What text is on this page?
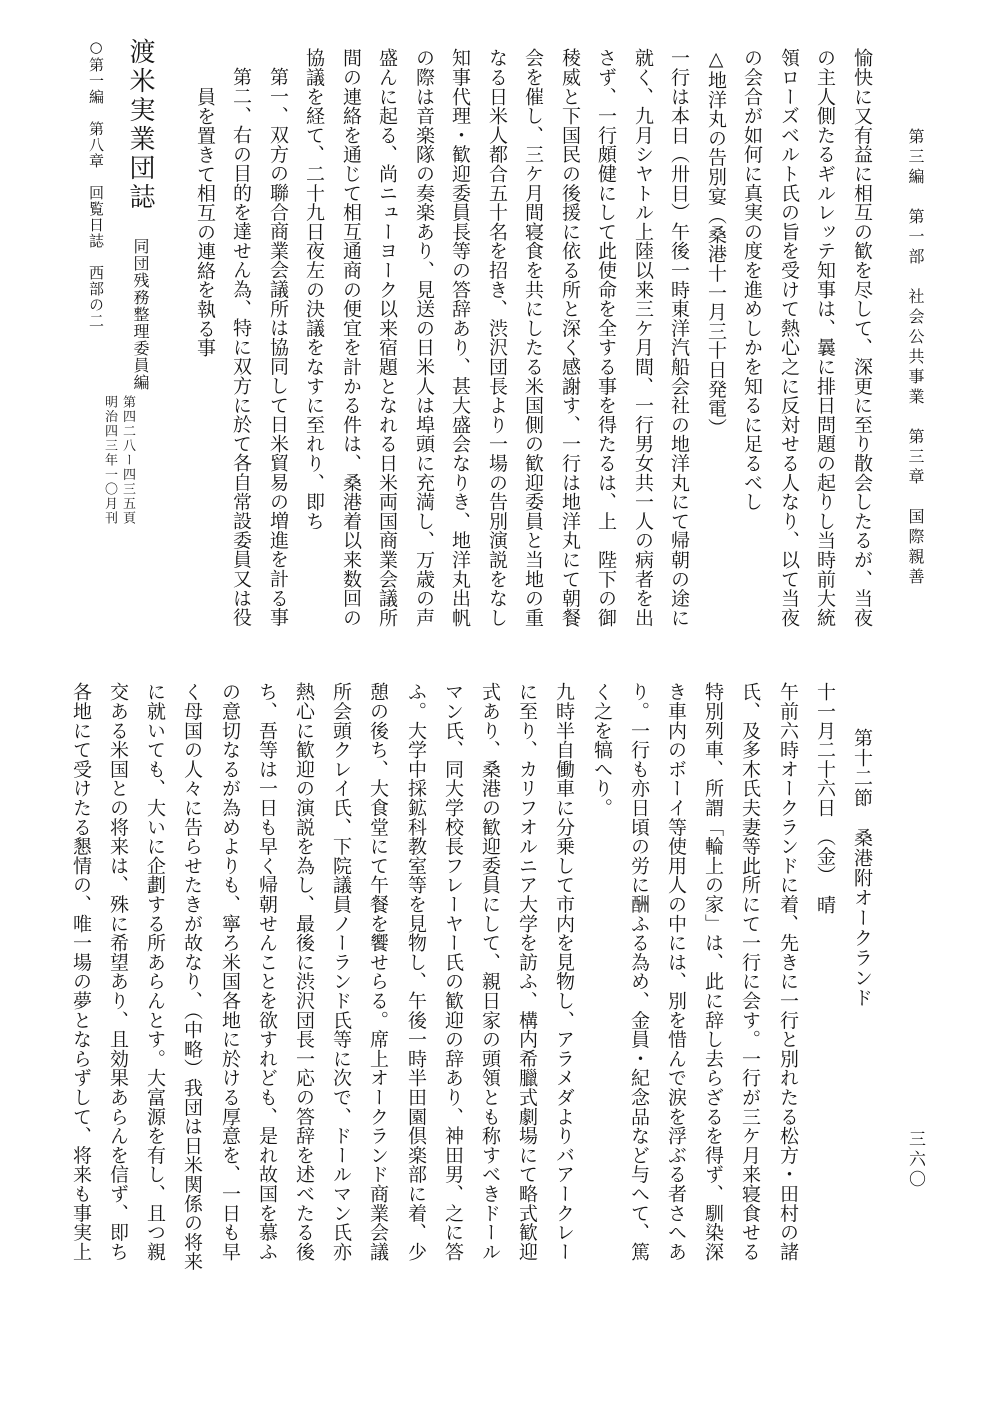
第三編　第一部　社会公共事業　第三章　国際親善
三六〇
愉快に又有益に相互の歓を尽して、深更に至り散会したるが、当夜
の主人側たるギルレッテ知事は、曩に排日問題の起りし当時前大統
領ローズベルト氏の旨を受けて熱心之に反対せる人なり、以て当夜
の会合が如何に真実の度を進めしかを知るに足るべし
△地洋丸の告別宴（桑港十一月三十日発電）
一行は本日（卅日）午後一時東洋汽船会社の地洋丸にて帰朝の途に
就く、九月シヤトル上陸以来三ケ月間、一行男女共一人の病者を出
さず、一行頗健にして此使命を全する事を得たるは、上　陛下の御
稜威と下国民の後援に依る所と深く感謝す、一行は地洋丸にて朝餐
会を催し、三ケ月間寝食を共にしたる米国側の歓迎委員と当地の重
なる日米人都合五十名を招き、渋沢団長より一場の告別演説をなし
知事代理・歓迎委員長等の答辞あり、甚大盛会なりき、地洋丸出帆
の際は音楽隊の奏楽あり、見送の日米人は埠頭に充満し、万歳の声
盛んに起る、尚ニューヨーク以来宿題となれる日米両国商業会議所
間の連絡を通じて相互通商の便宜を計かる件は、桑港着以来数回の
協議を経て、二十九日夜左の決議をなすに至れり、即ち
第一、双方の聯合商業会議所は協同して日米貿易の増進を計る事
第二、右の目的を達せん為、特に双方に於て各自常設委員又は役
員を置きて相互の連絡を執る事
渡米実業団誌
同団残務整理委員編
第四二八ー四三五頁
明治四三年一〇月刊
○第一編　第八章　回覧日誌　西部の二
第十二節　桑港附オークランド
十一月二十六日　（金）　晴
午前六時オークランドに着、先きに一行と別れたる松方・田村の諸
氏、及多木氏夫妻等此所にて一行に会す。一行が三ケ月来寝食せる
特別列車、所謂「輪上の家」は、此に辞し去らざるを得ず、馴染深
き車内のボーイ等使用人の中には、別を惜んで涙を浮ぶる者さへあ
り。一行も亦日頃の労に酬ふる為め、金員・紀念品など与へて、篤
く之を犒へり。
九時半自働車に分乗して市内を見物し、アラメダよりバアークレー
に至り、カリフオルニア大学を訪ふ、構内希臘式劇場にて略式歓迎
式あり、桑港の歓迎委員にして、親日家の頭領とも称すべきドール
マン氏、同大学校長フレーヤー氏の歓迎の辞あり、神田男、之に答
ふ。大学中採鉱科教室等を見物し、午後一時半田園倶楽部に着、少
憩の後ち、大食堂にて午餐を饗せらる。席上オークランド商業会議
所会頭クレイ氏、下院議員ノーランド氏等に次で、ドールマン氏亦
熱心に歓迎の演説を為し、最後に渋沢団長一応の答辞を述べたる後
ち、吾等は一日も早く帰朝せんことを欲すれども、是れ故国を慕ふ
の意切なるが為めよりも、寧ろ米国各地に於ける厚意を、一日も早
く母国の人々に告らせたきが故なり、（中略）我団は日米関係の将来
に就いても、大いに企劃する所あらんとす。大富源を有し、且つ親
交ある米国との将来は、殊に希望あり、且効果あらんを信ず、即ち
各地にて受けたる懇情の、唯一場の夢とならずして、将来も事実上
